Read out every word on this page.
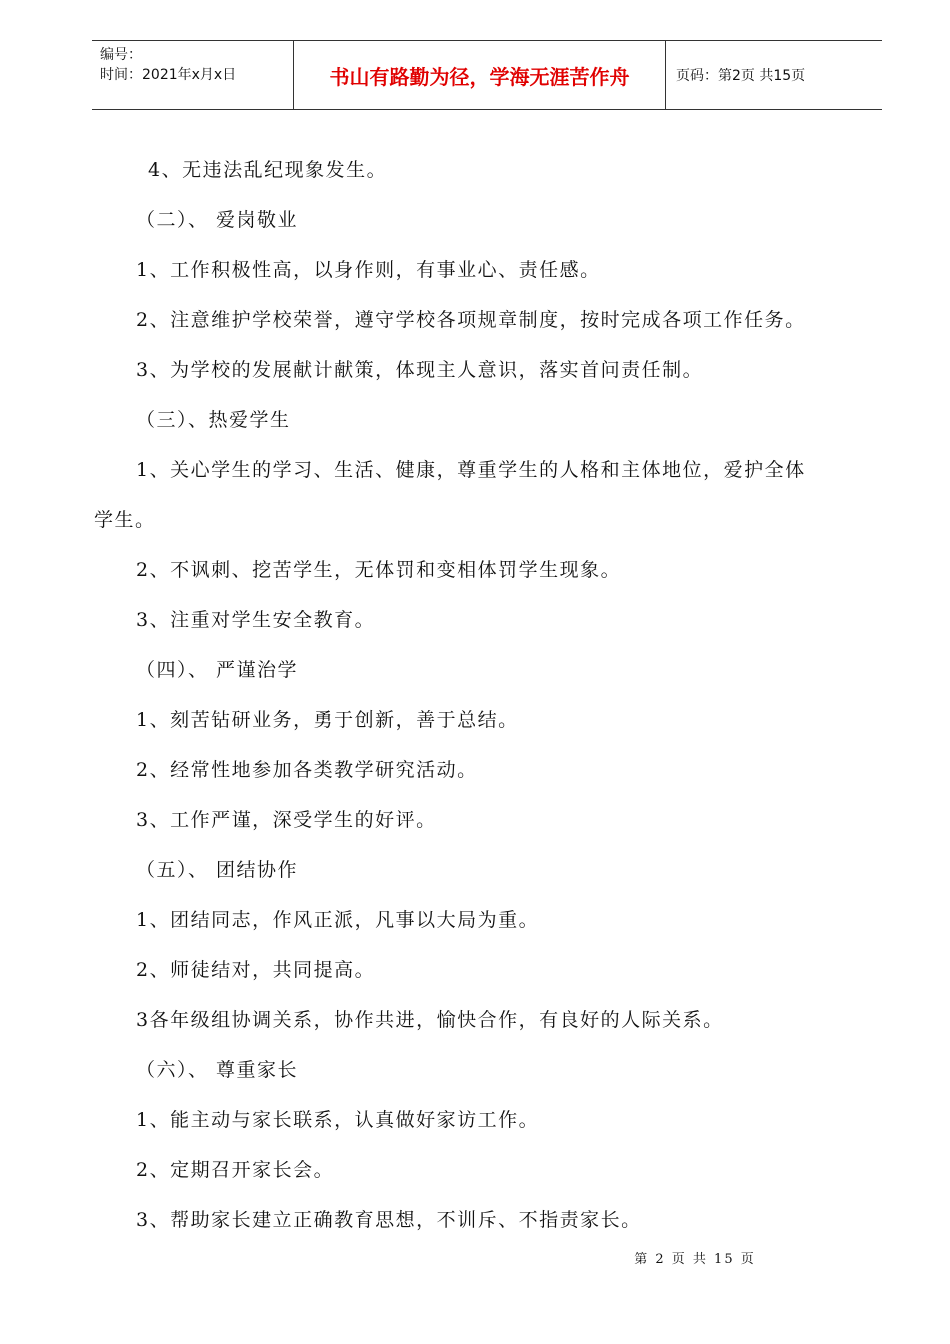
编号：
时间：2021年x月x日	书山有路勤为径，学海无涯苦作舟	页码：第2页 共15页
4、无违法乱纪现象发生。
（二）、 爱岗敬业
1、工作积极性高，以身作则，有事业心、责任感。
2、注意维护学校荣誉，遵守学校各项规章制度，按时完成各项工作任务。
3、为学校的发展献计献策，体现主人意识，落实首问责任制。
（三）、热爱学生
1、关心学生的学习、生活、健康，尊重学生的人格和主体地位，爱护全体
学生。
2、不讽刺、挖苦学生，无体罚和变相体罚学生现象。
3、注重对学生安全教育。
（四）、 严谨治学
1、刻苦钻研业务，勇于创新，善于总结。
2、经常性地参加各类教学研究活动。
3、工作严谨，深受学生的好评。
（五）、 团结协作
1、团结同志，作风正派，凡事以大局为重。
2、师徒结对，共同提高。
3各年级组协调关系，协作共进，愉快合作，有良好的人际关系。
（六）、 尊重家长
1、能主动与家长联系，认真做好家访工作。
2、定期召开家长会。
3、帮助家长建立正确教育思想，不训斥、不指责家长。
第 2 页 共 15 页
